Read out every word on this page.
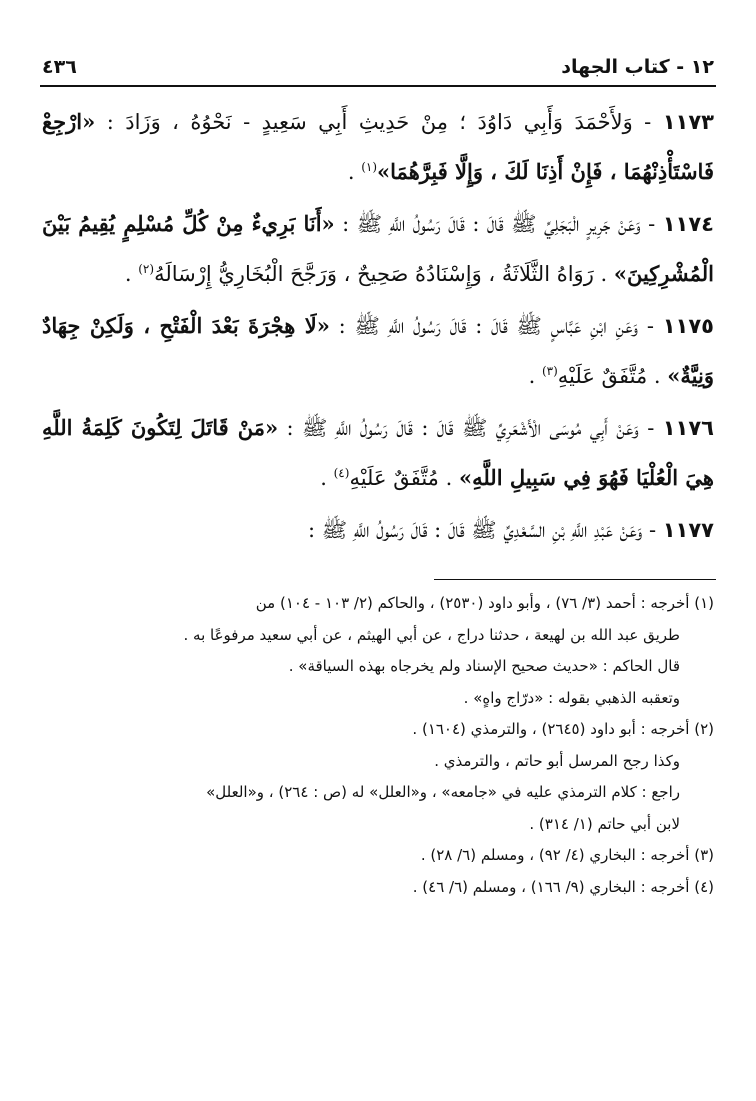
١٢ - كتاب الجهاد
٤٣٦

١١٧٣ - وَلأَحْمَدَ وَأَبِي دَاوُدَ ؛ مِنْ حَدِيثِ أَبِي سَعِيدٍ - نَحْوُهُ ، وَزَادَ : «ارْجِعْ فَاسْتَأْذِنْهُمَا ، فَإِنْ أَذِنَا لَكَ ، وَإِلَّا فَبِرَّهُمَا»$^{(١)}$ .

١١٧٤ - وَعَنْ جَرِيرٍ الْبَجَلِيِّ ﷺ قَالَ : قَالَ رَسُولُ اللَّهِ ﷺ : «أَنَا بَرِيءٌ مِنْ كُلِّ مُسْلِمٍ يُقِيمُ بَيْنَ الْمُشْرِكِينَ» . رَوَاهُ الثَّلَاثَةُ ، وَإِسْنَادُهُ صَحِيحٌ ، وَرَجَّحَ الْبُخَارِيُّ إِرْسَالَهُ$^{(٢)}$ .

١١٧٥ - وَعَنِ ابْنِ عَبَّاسٍ ﷺ قَالَ : قَالَ رَسُولُ اللَّهِ ﷺ : «لَا هِجْرَةَ بَعْدَ الْفَتْحِ ، وَلَكِنْ جِهَادٌ وَنِيَّةٌ» . مُتَّفَقٌ عَلَيْهِ$^{(٣)}$ .

١١٧٦ - وَعَنْ أَبِي مُوسَى الْأَشْعَرِيِّ ﷺ قَالَ : قَالَ رَسُولُ اللَّهِ ﷺ : «مَنْ قَاتَلَ لِتَكُونَ كَلِمَةُ اللَّهِ هِيَ الْعُلْيَا فَهُوَ فِي سَبِيلِ اللَّهِ» . مُتَّفَقٌ عَلَيْهِ$^{(٤)}$ .

١١٧٧ - وَعَنْ عَبْدِ اللَّهِ بْنِ السَّعْدِيِّ ﷺ قَالَ : قَالَ رَسُولُ اللَّهِ ﷺ :

(١) أخرجه : أحمد (٣/ ٧٦) ، وأبو داود (٢٥٣٠) ، والحاكم (٢/ ١٠٣ - ١٠٤) من

طريق عبد الله بن لهيعة ، حدثنا دراج ، عن أبي الهيثم ، عن أبي سعيد مرفوعًا به .

قال الحاكم : «حديث صحيح الإسناد ولم يخرجاه بهذه السياقة» .

وتعقبه الذهبي بقوله : «درّاج واهٍ» .

(٢) أخرجه : أبو داود (٢٦٤٥) ، والترمذي (١٦٠٤) .

وكذا رجح المرسل أبو حاتم ، والترمذي .

راجع : كلام الترمذي عليه في «جامعه» ، و«العلل» له (ص : ٢٦٤) ، و«العلل»

لابن أبي حاتم (١/ ٣١٤) .

(٣) أخرجه : البخاري (٤/ ٩٢) ، ومسلم (٦/ ٢٨) .

(٤) أخرجه : البخاري (٩/ ١٦٦) ، ومسلم (٦/ ٤٦) .
